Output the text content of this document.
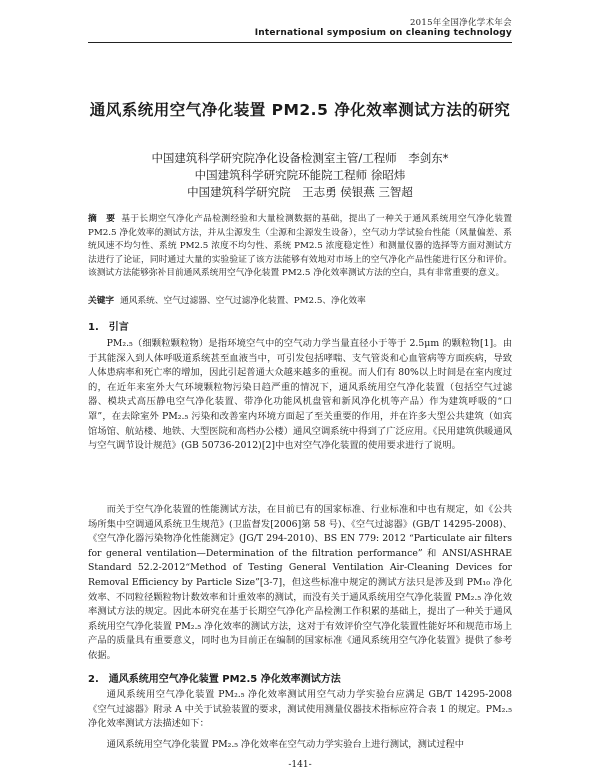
2015年全国净化学术年会
International symposium on cleaning technology
通风系统用空气净化装置 PM2.5 净化效率测试方法的研究
中国建筑科学研究院净化设备检测室主管/工程师　李剑东*
中国建筑科学研究院环能院工程师 徐昭炜
中国建筑科学研究院　王志勇 侯银燕 三智超
摘　要 基于长期空气净化产品检测经验和大量检测数据的基础，提出了一种关于通风系统用空气净化装置 PM2.5 净化效率的测试方法，并从尘源发生（尘源和尘源发生设备），空气动力学试验台性能（风量偏差、系统风速不均匀性、系统 PM2.5 浓度不均匀性、系统 PM2.5 浓度稳定性）和测量仪器的选择等方面对测试方法进行了论证，同时通过大量的实验验证了该方法能够有效地对市场上的空气净化产品性能进行区分和评价。该测试方法能够弥补目前通风系统用空气净化装置 PM2.5 净化效率测试方法的空白，具有非常重要的意义。
关键字 通风系统、空气过滤器、空气过滤净化装置、PM2.5、净化效率
1.　引言
PM₂.₅（细颗粒颗粒物）是指环境空气中的空气动力学当量直径小于等于 2.5μm 的颗粒物[1]。由于其能深入到人体呼吸道系统甚至血液当中，可引发包括哮喘、支气管炎和心血管病等方面疾病，导致人体患病率和死亡率的增加，因此引起普通大众越来越多的重视。而人们有 80%以上时间是在室内度过的，在近年来室外大气环境颗粒物污染日趋严重的情况下，通风系统用空气净化装置（包括空气过滤器、模块式高压静电空气净化装置、带净化功能风机盘管和新风净化机等产品）作为建筑呼吸的“口罩”，在去除室外 PM₂.₅ 污染和改善室内环境方面起了至关重要的作用，并在许多大型公共建筑（如宾馆场馆、航站楼、地铁、大型医院和高档办公楼）通风空调系统中得到了广泛应用。《民用建筑供暖通风与空气调节设计规范》(GB 50736-2012)[2]中也对空气净化装置的使用要求进行了说明。
而关于空气净化装置的性能测试方法，在目前已有的国家标准、行业标准和中也有规定，如《公共场所集中空调通风系统卫生规范》(卫监督发[2006]第 58 号)、《空气过滤器》(GB/T 14295-2008)、《空气净化器污染物净化性能测定》(JG/T 294-2010)、BS EN 779: 2012 “Particulate air filters for general ventilation—Determination of the filtration performance” 和 ANSI/ASHRAE Standard 52.2-2012“Method of Testing General Ventilation Air-Cleaning Devices for Removal Efficiency by Particle Size”[3-7]，但这些标准中规定的测试方法只是涉及到 PM₁₀ 净化效率、不同粒径颗粒物计数效率和计重效率的测试，而没有关于通风系统用空气净化装置 PM₂.₅ 净化效率测试方法的规定。因此本研究在基于长期空气净化产品检测工作积累的基础上，提出了一种关于通风系统用空气净化装置 PM₂.₅ 净化效率的测试方法，这对于有效评价空气净化装置性能好坏和规范市场上产品的质量具有重要意义，同时也为目前正在编制的国家标准《通风系统用空气净化装置》提供了参考依据。
2.　通风系统用空气净化装置 PM2.5 净化效率测试方法
通风系统用空气净化装置 PM₂.₅ 净化效率测试用空气动力学实验台应满足 GB/T 14295-2008《空气过滤器》附录 A 中关于试验装置的要求，测试使用测量仪器技术指标应符合表 1 的规定。PM₂.₅ 净化效率测试方法描述如下：
通风系统用空气净化装置 PM₂.₅ 净化效率在空气动力学实验台上进行测试，测试过程中
-141-
